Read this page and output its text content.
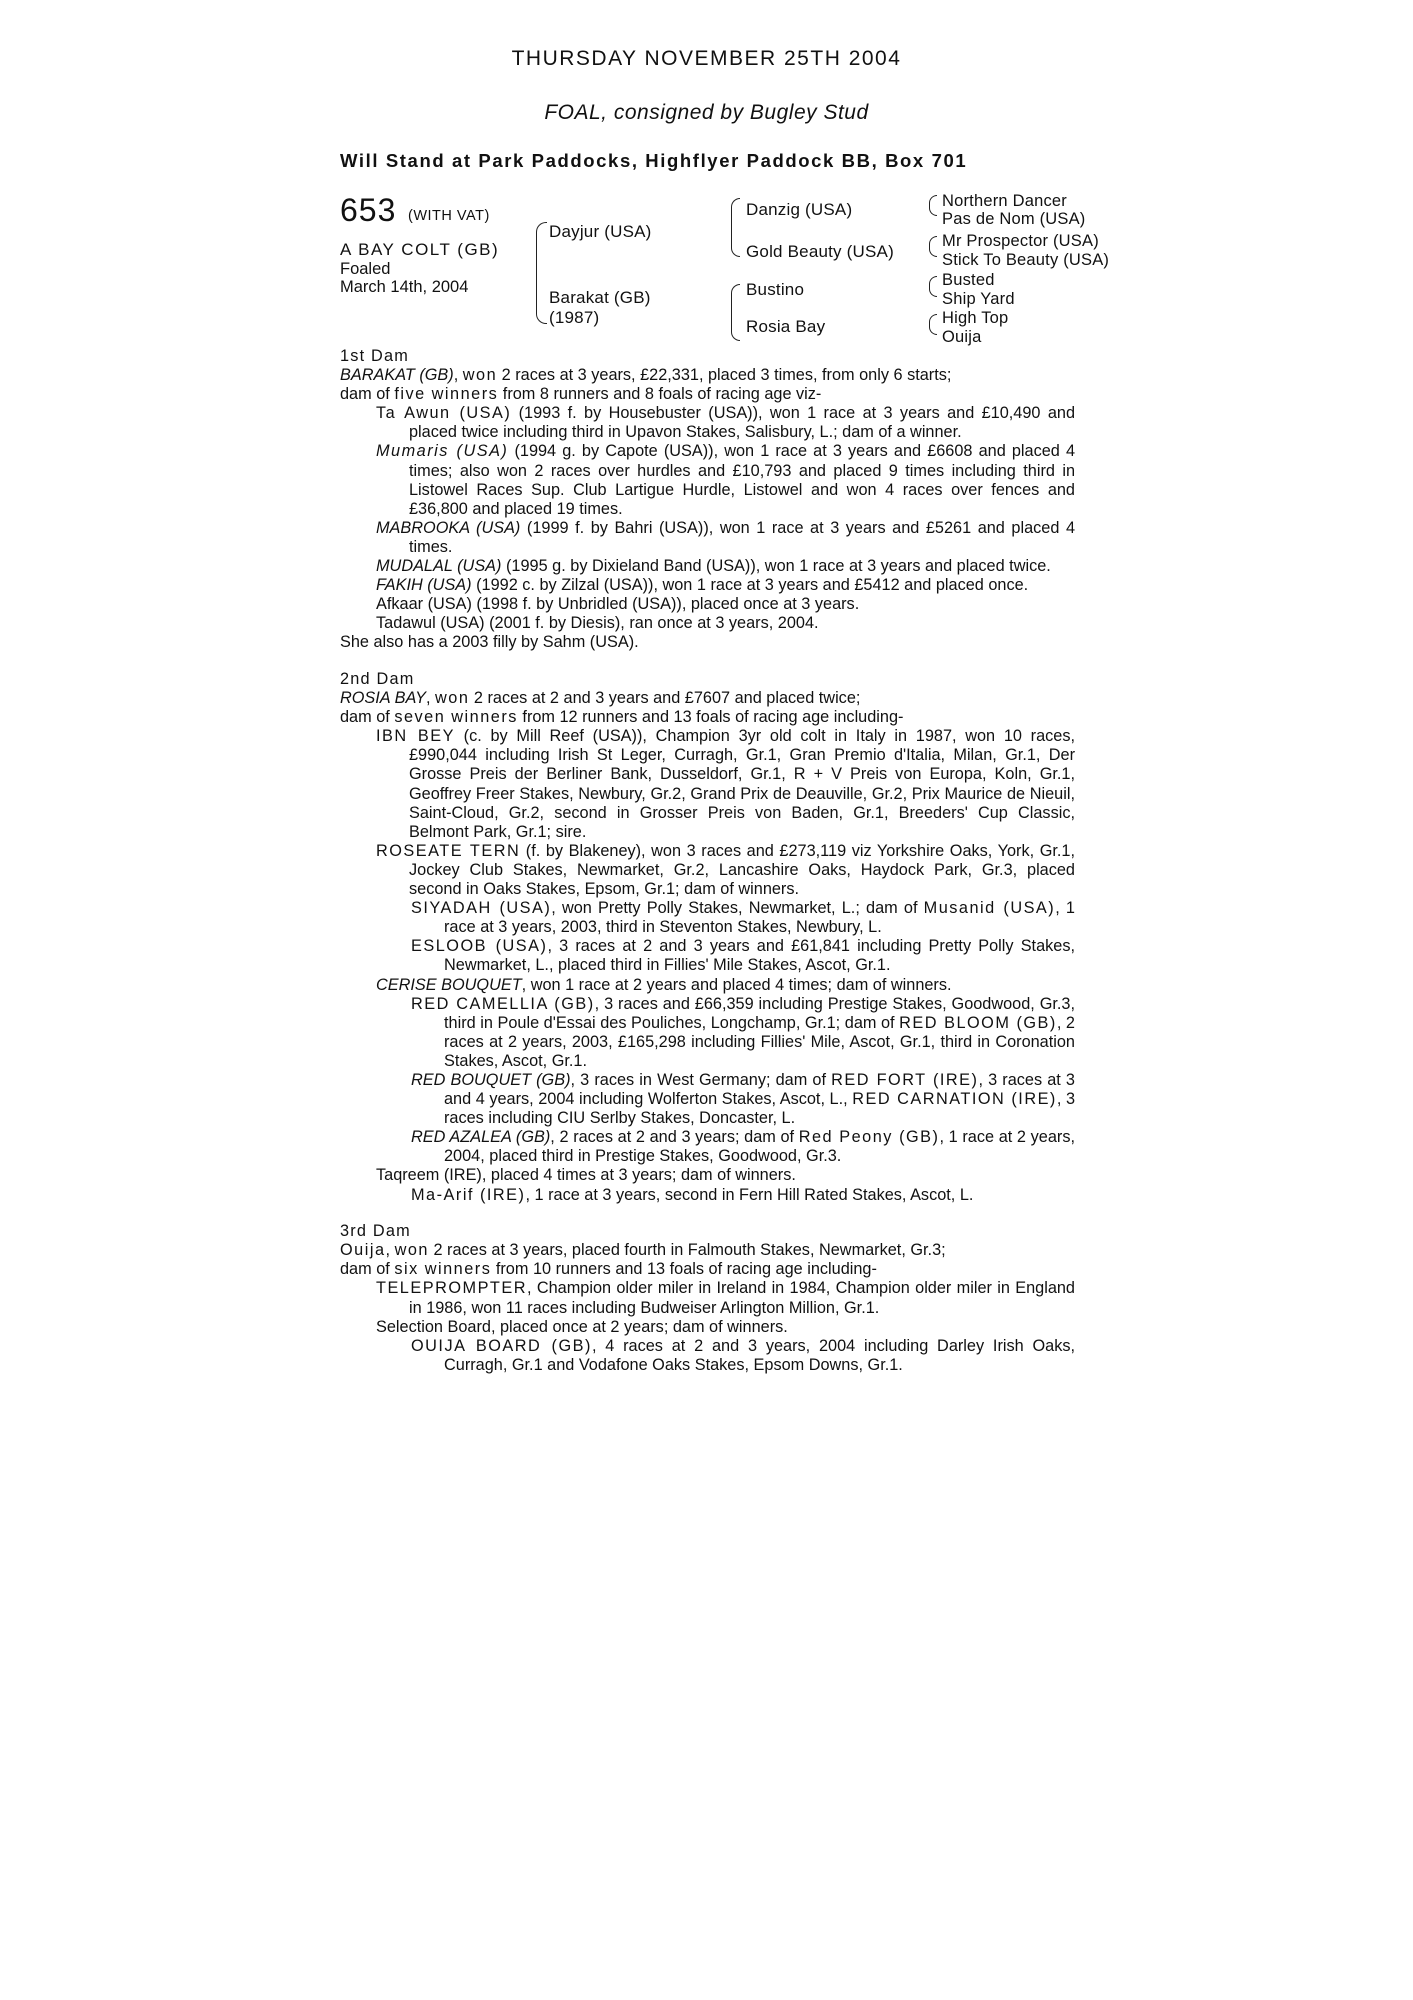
THURSDAY NOVEMBER 25TH 2004
FOAL, consigned by Bugley Stud
Will Stand at Park Paddocks, Highflyer Paddock BB, Box 701
653 (WITH VAT)
A BAY COLT (GB)
Foaled
March 14th, 2004
Dayjur (USA)
Barakat (GB)
(1987)
Danzig (USA)
Gold Beauty (USA)
Bustino
Rosia Bay
Northern Dancer
Pas de Nom (USA)
Mr Prospector (USA)
Stick To Beauty (USA)
Busted
Ship Yard
High Top
Ouija

1st Dam

BARAKAT (GB), won 2 races at 3 years, £22,331, placed 3 times, from only 6 starts;

dam of five winners from 8 runners and 8 foals of racing age viz-

Ta Awun (USA) (1993 f. by Housebuster (USA)), won 1 race at 3 years and £10,490 and placed twice including third in Upavon Stakes, Salisbury, L.; dam of a winner.

Mumaris (USA) (1994 g. by Capote (USA)), won 1 race at 3 years and £6608 and placed 4 times; also won 2 races over hurdles and £10,793 and placed 9 times including third in Listowel Races Sup. Club Lartigue Hurdle, Listowel and won 4 races over fences and £36,800 and placed 19 times.

MABROOKA (USA) (1999 f. by Bahri (USA)), won 1 race at 3 years and £5261 and placed 4 times.

MUDALAL (USA) (1995 g. by Dixieland Band (USA)), won 1 race at 3 years and placed twice.

FAKIH (USA) (1992 c. by Zilzal (USA)), won 1 race at 3 years and £5412 and placed once.

Afkaar (USA) (1998 f. by Unbridled (USA)), placed once at 3 years.

Tadawul (USA) (2001 f. by Diesis), ran once at 3 years, 2004.

She also has a 2003 filly by Sahm (USA).

2nd Dam

ROSIA BAY, won 2 races at 2 and 3 years and £7607 and placed twice;

dam of seven winners from 12 runners and 13 foals of racing age including-

IBN BEY (c. by Mill Reef (USA)), Champion 3yr old colt in Italy in 1987, won 10 races, £990,044 including Irish St Leger, Curragh, Gr.1, Gran Premio d'Italia, Milan, Gr.1, Der Grosse Preis der Berliner Bank, Dusseldorf, Gr.1, R + V Preis von Europa, Koln, Gr.1, Geoffrey Freer Stakes, Newbury, Gr.2, Grand Prix de Deauville, Gr.2, Prix Maurice de Nieuil, Saint-Cloud, Gr.2, second in Grosser Preis von Baden, Gr.1, Breeders' Cup Classic, Belmont Park, Gr.1; sire.

ROSEATE TERN (f. by Blakeney), won 3 races and £273,119 viz Yorkshire Oaks, York, Gr.1, Jockey Club Stakes, Newmarket, Gr.2, Lancashire Oaks, Haydock Park, Gr.3, placed second in Oaks Stakes, Epsom, Gr.1; dam of winners.

SIYADAH (USA), won Pretty Polly Stakes, Newmarket, L.; dam of Musanid (USA), 1 race at 3 years, 2003, third in Steventon Stakes, Newbury, L.

ESLOOB (USA), 3 races at 2 and 3 years and £61,841 including Pretty Polly Stakes, Newmarket, L., placed third in Fillies' Mile Stakes, Ascot, Gr.1.

CERISE BOUQUET, won 1 race at 2 years and placed 4 times; dam of winners.

RED CAMELLIA (GB), 3 races and £66,359 including Prestige Stakes, Goodwood, Gr.3, third in Poule d'Essai des Pouliches, Longchamp, Gr.1; dam of RED BLOOM (GB), 2 races at 2 years, 2003, £165,298 including Fillies' Mile, Ascot, Gr.1, third in Coronation Stakes, Ascot, Gr.1.

RED BOUQUET (GB), 3 races in West Germany; dam of RED FORT (IRE), 3 races at 3 and 4 years, 2004 including Wolferton Stakes, Ascot, L., RED CARNATION (IRE), 3 races including CIU Serlby Stakes, Doncaster, L.

RED AZALEA (GB), 2 races at 2 and 3 years; dam of Red Peony (GB), 1 race at 2 years, 2004, placed third in Prestige Stakes, Goodwood, Gr.3.

Taqreem (IRE), placed 4 times at 3 years; dam of winners.

Ma-Arif (IRE), 1 race at 3 years, second in Fern Hill Rated Stakes, Ascot, L.

3rd Dam

Ouija, won 2 races at 3 years, placed fourth in Falmouth Stakes, Newmarket, Gr.3;

dam of six winners from 10 runners and 13 foals of racing age including-

TELEPROMPTER, Champion older miler in Ireland in 1984, Champion older miler in England in 1986, won 11 races including Budweiser Arlington Million, Gr.1.

Selection Board, placed once at 2 years; dam of winners.

OUIJA BOARD (GB), 4 races at 2 and 3 years, 2004 including Darley Irish Oaks, Curragh, Gr.1 and Vodafone Oaks Stakes, Epsom Downs, Gr.1.
